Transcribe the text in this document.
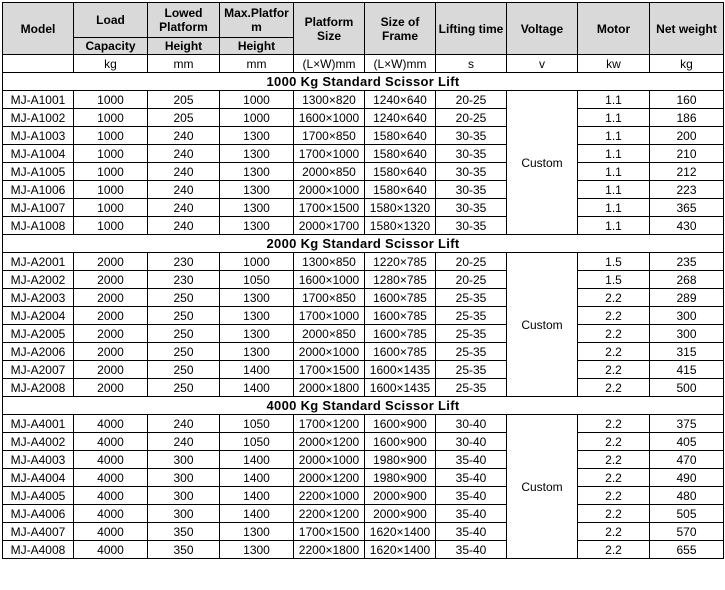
Model	Load	Lowed Platform	Max.Platfor m	Platform Size	Size of Frame	Lifting time	Voltage	Motor	Net weight
	Capacity	Height	Height						
	kg	mm	mm	(L×W)mm	(L×W)mm	s	v	kw	kg
1000 Kg Standard Scissor Lift									
MJ-A1001	1000	205	1000	1300×820	1240×640	20-25	Custom	1.1	160
MJ-A1002	1000	205	1000	1600×1000	1240×640	20-25		1.1	186
MJ-A1003	1000	240	1300	1700×850	1580×640	30-35		1.1	200
MJ-A1004	1000	240	1300	1700×1000	1580×640	30-35		1.1	210
MJ-A1005	1000	240	1300	2000×850	1580×640	30-35		1.1	212
MJ-A1006	1000	240	1300	2000×1000	1580×640	30-35		1.1	223
MJ-A1007	1000	240	1300	1700×1500	1580×1320	30-35		1.1	365
MJ-A1008	1000	240	1300	2000×1700	1580×1320	30-35		1.1	430
2000 Kg Standard Scissor Lift									
MJ-A2001	2000	230	1000	1300×850	1220×785	20-25	Custom	1.5	235
MJ-A2002	2000	230	1050	1600×1000	1280×785	20-25		1.5	268
MJ-A2003	2000	250	1300	1700×850	1600×785	25-35		2.2	289
MJ-A2004	2000	250	1300	1700×1000	1600×785	25-35		2.2	300
MJ-A2005	2000	250	1300	2000×850	1600×785	25-35		2.2	300
MJ-A2006	2000	250	1300	2000×1000	1600×785	25-35		2.2	315
MJ-A2007	2000	250	1400	1700×1500	1600×1435	25-35		2.2	415
MJ-A2008	2000	250	1400	2000×1800	1600×1435	25-35		2.2	500
4000 Kg Standard Scissor Lift									
MJ-A4001	4000	240	1050	1700×1200	1600×900	30-40	Custom	2.2	375
MJ-A4002	4000	240	1050	2000×1200	1600×900	30-40		2.2	405
MJ-A4003	4000	300	1400	2000×1000	1980×900	35-40		2.2	470
MJ-A4004	4000	300	1400	2000×1200	1980×900	35-40		2.2	490
MJ-A4005	4000	300	1400	2200×1000	2000×900	35-40		2.2	480
MJ-A4006	4000	300	1400	2200×1200	2000×900	35-40		2.2	505
MJ-A4007	4000	350	1300	1700×1500	1620×1400	35-40		2.2	570
MJ-A4008	4000	350	1300	2200×1800	1620×1400	35-40		2.2	655
